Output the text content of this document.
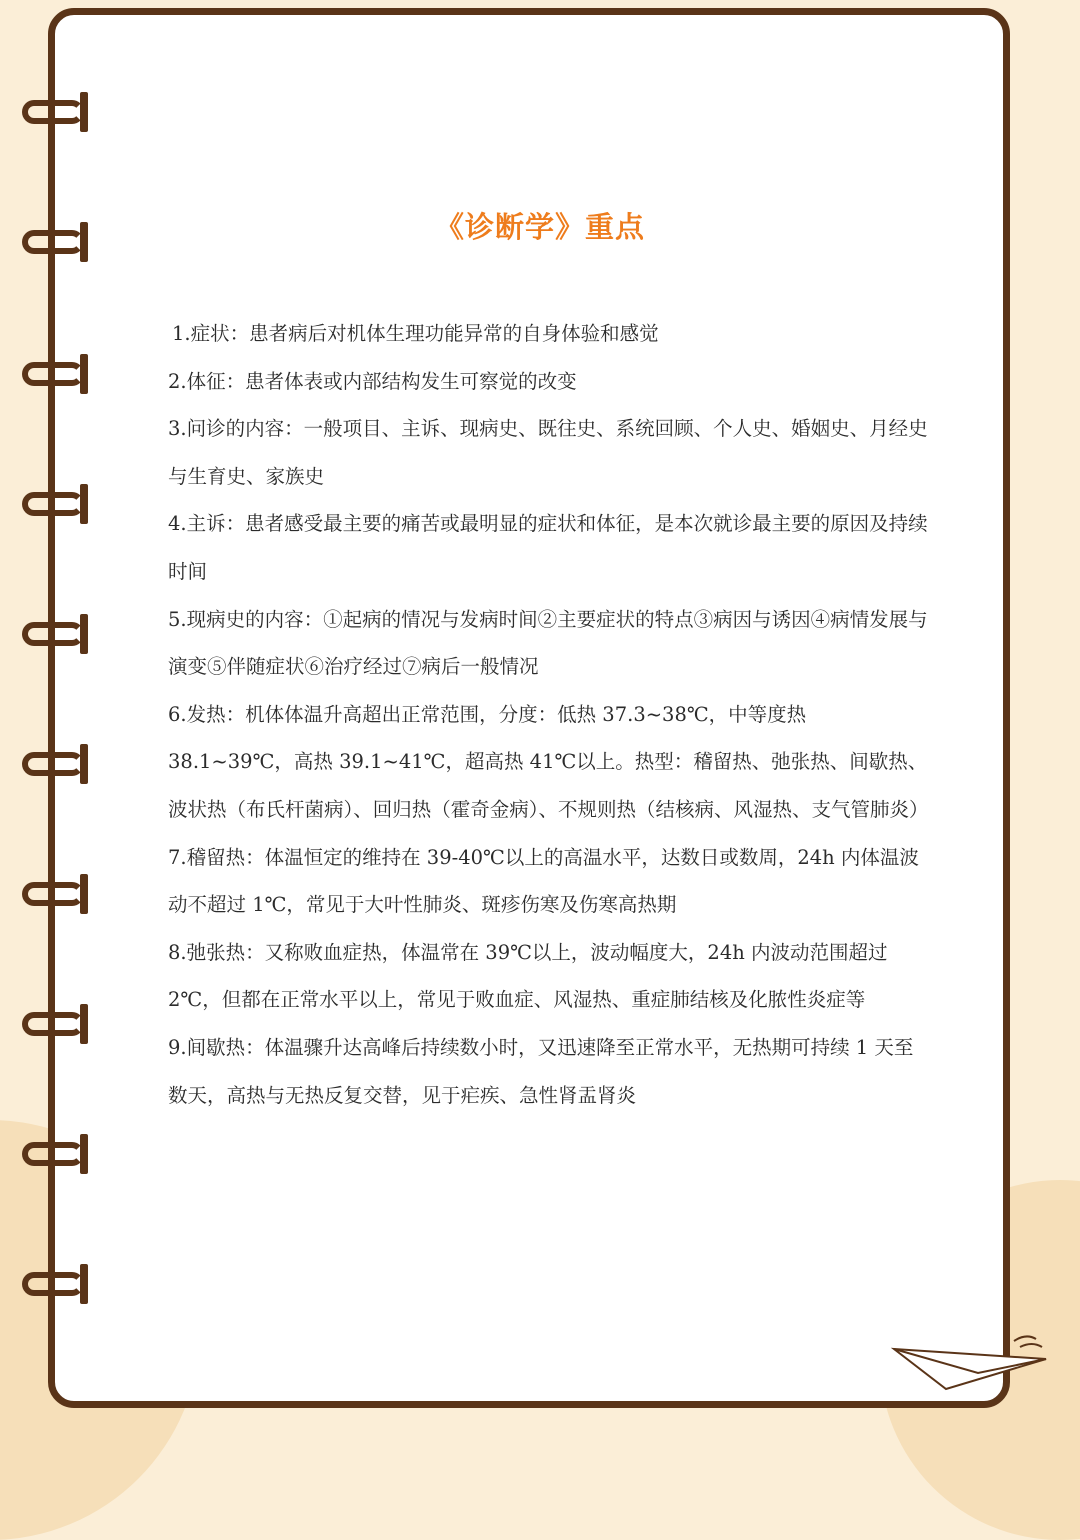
《诊断学》重点

1.症状：患者病后对机体生理功能异常的自身体验和感觉

2.体征：患者体表或内部结构发生可察觉的改变

3.问诊的内容：一般项目、主诉、现病史、既往史、系统回顾、个人史、婚姻史、月经史与生育史、家族史

4.主诉：患者感受最主要的痛苦或最明显的症状和体征，是本次就诊最主要的原因及持续时间

5.现病史的内容：①起病的情况与发病时间②主要症状的特点③病因与诱因④病情发展与演变⑤伴随症状⑥治疗经过⑦病后一般情况

6.发热：机体体温升高超出正常范围，分度：低热 37.3~38℃，中等度热 38.1~39℃，高热 39.1~41℃，超高热 41℃以上。热型：稽留热、弛张热、间歇热、波状热（布氏杆菌病）、回归热（霍奇金病）、不规则热（结核病、风湿热、支气管肺炎）

7.稽留热：体温恒定的维持在 39-40℃以上的高温水平，达数日或数周，24h 内体温波动不超过 1℃，常见于大叶性肺炎、斑疹伤寒及伤寒高热期

8.弛张热：又称败血症热，体温常在 39℃以上，波动幅度大，24h 内波动范围超过 2℃，但都在正常水平以上，常见于败血症、风湿热、重症肺结核及化脓性炎症等

9.间歇热：体温骤升达高峰后持续数小时，又迅速降至正常水平，无热期可持续 1 天至数天，高热与无热反复交替，见于疟疾、急性肾盂肾炎
